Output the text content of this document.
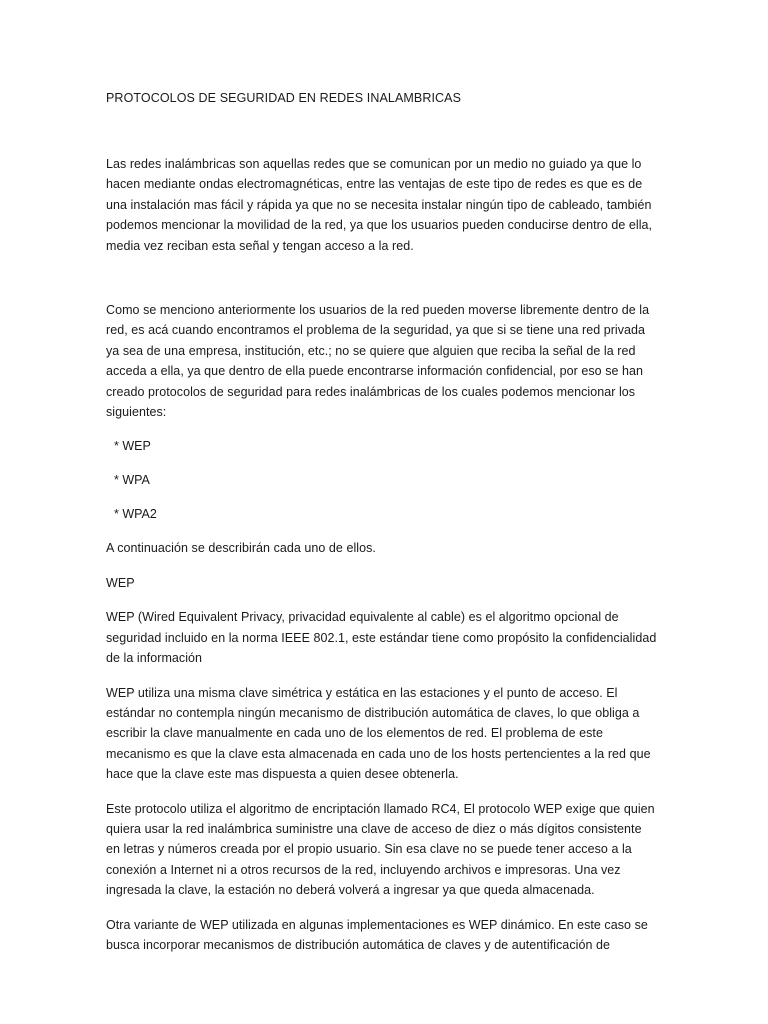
PROTOCOLOS DE SEGURIDAD EN REDES INALAMBRICAS

Las redes inalámbricas son aquellas redes que se comunican por un medio no guiado ya que lo hacen mediante ondas electromagnéticas, entre las ventajas de este tipo de redes es que es de una instalación mas fácil y rápida ya que no se necesita instalar ningún tipo de cableado, también podemos mencionar la movilidad de la red, ya que los usuarios pueden conducirse dentro de ella, media vez reciban esta señal y tengan acceso a la red.

Como se menciono anteriormente los usuarios de la red pueden moverse libremente dentro de la red, es acá cuando encontramos el problema de la seguridad, ya que si se tiene una red privada ya sea de una empresa, institución, etc.; no se quiere que alguien que reciba la señal de la red acceda a ella, ya que dentro de ella puede encontrarse información confidencial, por eso se han creado protocolos de seguridad para redes inalámbricas de los cuales podemos mencionar los siguientes:

* WEP
* WPA
* WPA2

A continuación se describirán cada uno de ellos.

WEP

WEP (Wired Equivalent Privacy, privacidad equivalente al cable) es el algoritmo opcional de seguridad incluido en la norma IEEE 802.1, este estándar tiene como propósito la confidencialidad de la información

WEP utiliza una misma clave simétrica y estática en las estaciones y el punto de acceso. El estándar no contempla ningún mecanismo de distribución automática de claves, lo que obliga a escribir la clave manualmente en cada uno de los elementos de red. El problema de este mecanismo es que la clave esta almacenada en cada uno de los hosts pertencientes a la red que hace que la clave este mas dispuesta a quien desee obtenerla.

Este protocolo utiliza el algoritmo de encriptación llamado RC4, El protocolo WEP exige que quien quiera usar la red inalámbrica suministre una clave de acceso de diez o más dígitos consistente en letras y números creada por el propio usuario. Sin esa clave no se puede tener acceso a la conexión a Internet ni a otros recursos de la red, incluyendo archivos e impresoras. Una vez ingresada la clave, la estación no deberá volverá a ingresar ya que queda almacenada.

Otra variante de WEP utilizada en algunas implementaciones es WEP dinámico. En este caso se busca incorporar mecanismos de distribución automática de claves y de autentificación de
